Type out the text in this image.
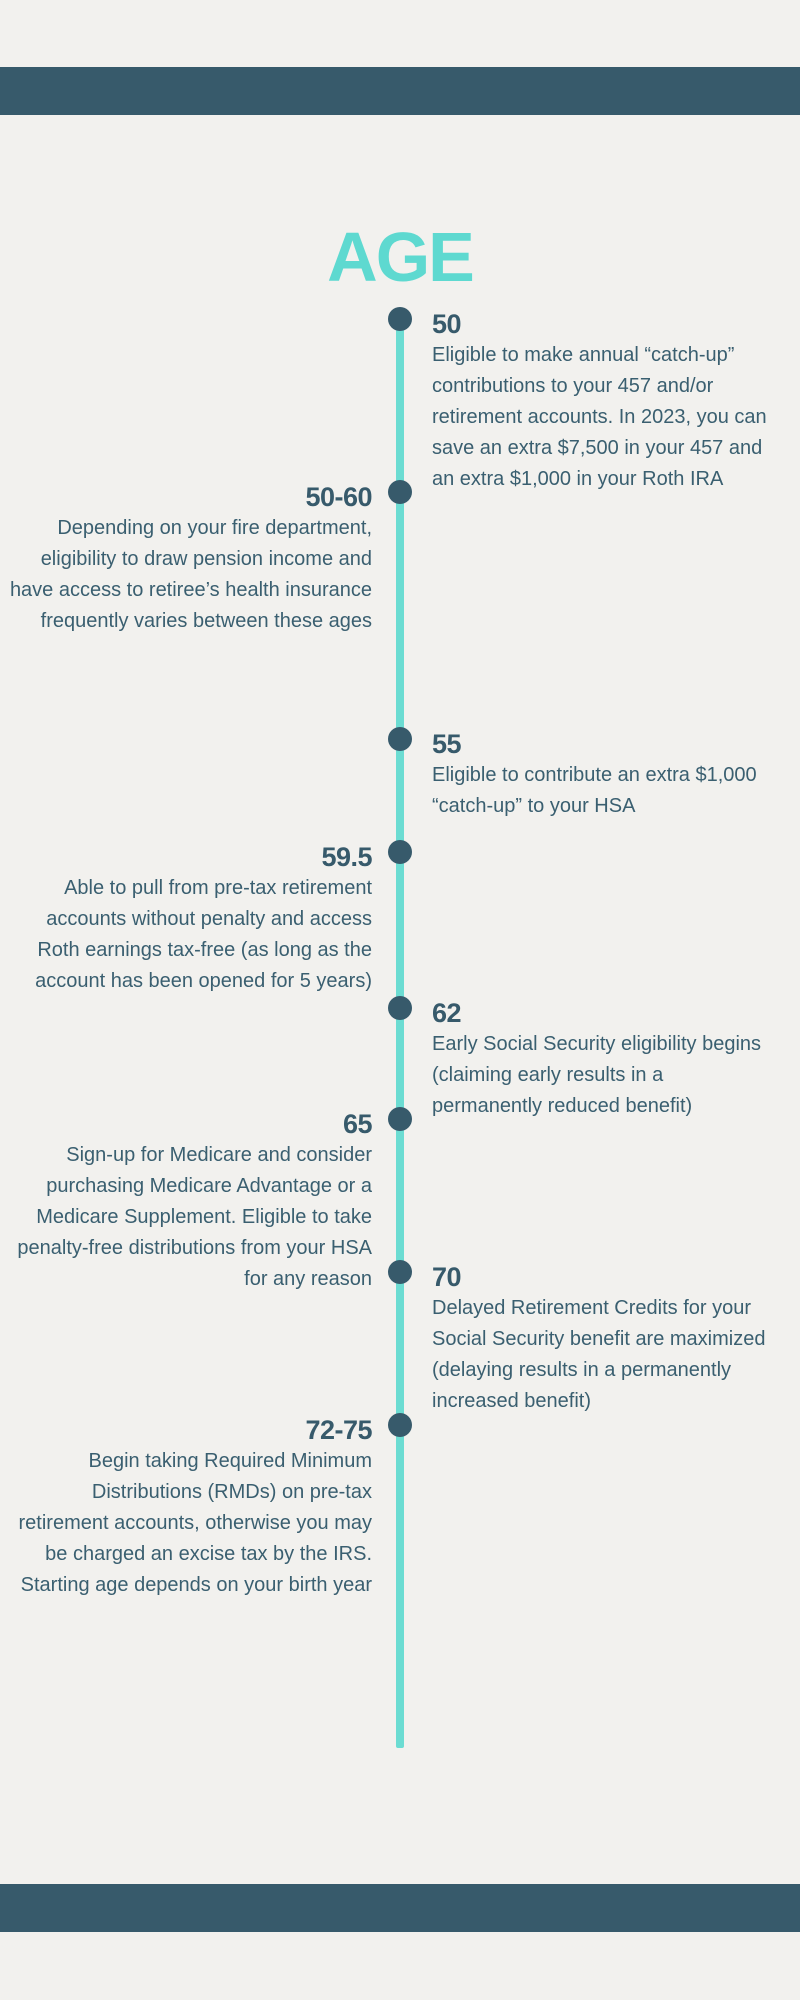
AGE
50

Eligible to make annual “catch-up” contributions to your 457 and/or retirement accounts. In 2023, you can save an extra $7,500 in your 457 and an extra $1,000 in your Roth IRA

50-60

Depending on your fire department, eligibility to draw pension income and have access to retiree’s health insurance frequently varies between these ages

55

Eligible to contribute an extra $1,000 “catch-up” to your HSA

59.5

Able to pull from pre-tax retirement accounts without penalty and access Roth earnings tax-free (as long as the account has been opened for 5 years)

62

Early Social Security eligibility begins (claiming early results in a permanently reduced benefit)

65

Sign-up for Medicare and consider purchasing Medicare Advantage or a Medicare Supplement. Eligible to take penalty-free distributions from your HSA for any reason 70

Delayed Retirement Credits for your Social Security benefit are maximized (delaying results in a permanently increased benefit)

72-75

Begin taking Required Minimum Distributions (RMDs) on pre-tax retirement accounts, otherwise you may be charged an excise tax by the IRS. Starting age depends on your birth year
